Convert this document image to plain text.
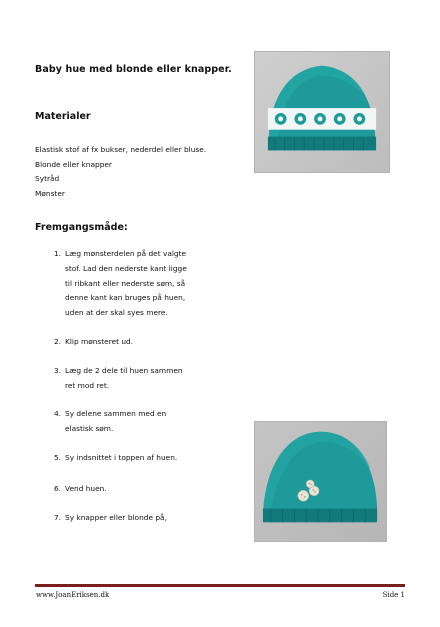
Baby hue med blonde eller knapper.
Materialer
Elastisk stof af fx bukser, nederdel eller bluse.
Blonde eller knapper
Sytråd
Mønster
Fremgangsmåde:
1. Læg mønsterdelen på det valgte
stof. Lad den nederste kant ligge
til ribkant eller nederste søm, så
denne kant kan bruges på huen,
uden at der skal syes mere.
2. Klip mønsteret ud.
3. Læg de 2 dele til huen sammen
ret mod ret.
4. Sy delene sammen med en
elastisk søm.
5. Sy indsnittet i toppen af huen.
6. Vend huen.
7. Sy knapper eller blonde på,
www.JoanEriksen.dk	Side 1
